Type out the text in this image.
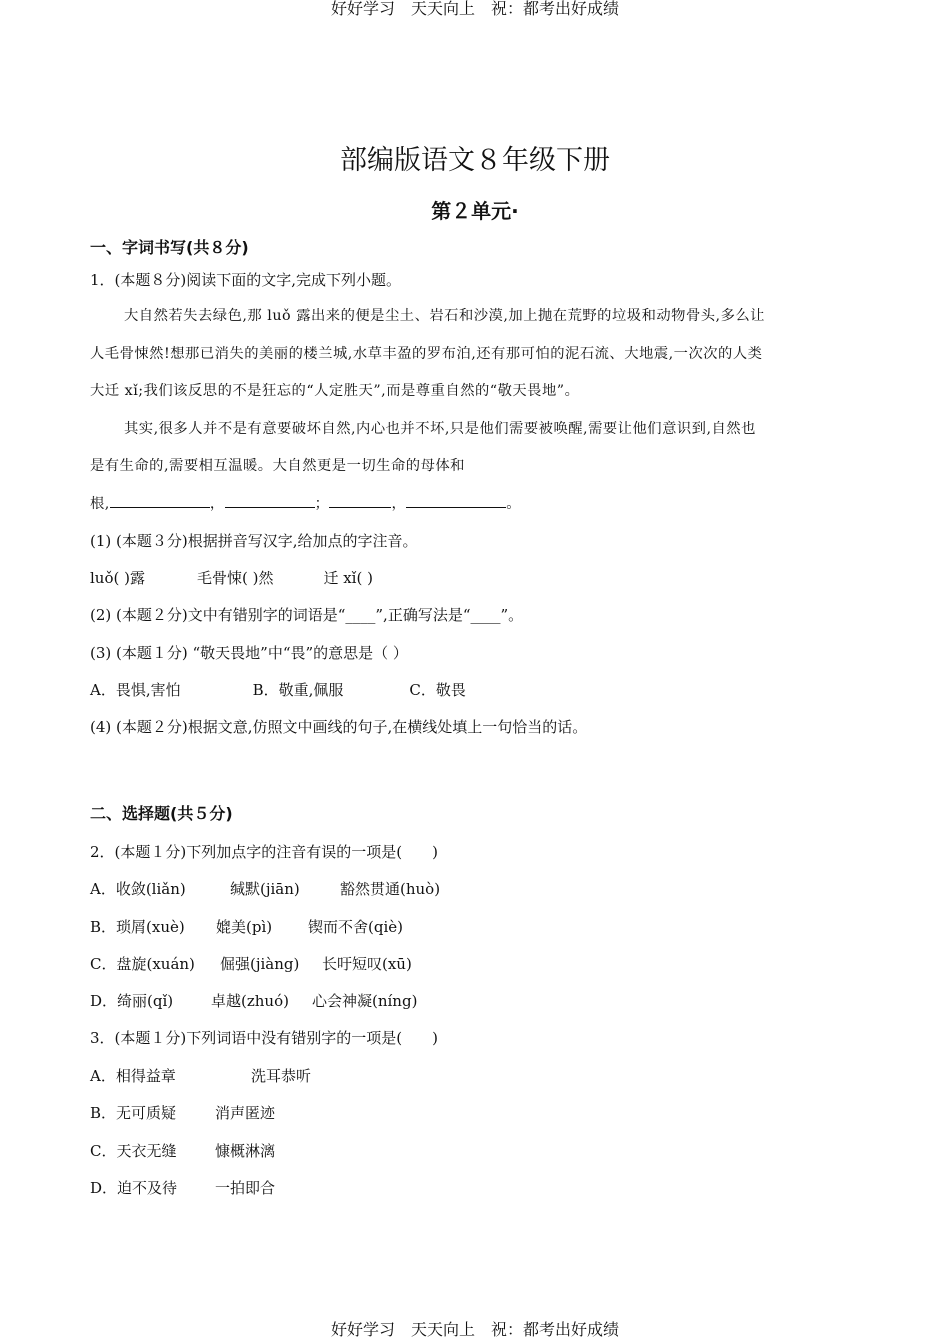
好好学习　天天向上　祝：都考出好成绩
部编版语文８年级下册
第２单元·
一、字词书写(共８分)
1．(本题８分)阅读下面的文字,完成下列小题。
大自然若失去绿色,那 luǒ 露出来的便是尘土、岩石和沙漠,加上抛在荒野的垃圾和动物骨头,多么让
人毛骨悚然!想那已消失的美丽的楼兰城,水草丰盈的罗布泊,还有那可怕的泥石流、大地震,一次次的人类
大迁 xǐ;我们该反思的不是狂忘的“人定胜天”,而是尊重自然的“敬天畏地”。
其实,很多人并不是有意要破坏自然,内心也并不坏,只是他们需要被唤醒,需要让他们意识到,自然也
是有生命的,需要相互温暖。大自然更是一切生命的母体和
根,	，	；	，	。
(1) (本题３分)根据拼音写汉字,给加点的字注音。
luǒ( )露	毛骨悚( )然	迁 xǐ( )
(2) (本题２分)文中有错别字的词语是“____”,正确写法是“____”。
(3) (本题１分) “敬天畏地”中“畏”的意思是（ ）
A．畏惧,害怕	B．敬重,佩服	C．敬畏
(4) (本题２分)根据文意,仿照文中画线的句子,在横线处填上一句恰当的话。
二、选择题(共５分)
2．(本题１分)下列加点字的注音有误的一项是(　　)
A．收敛(liǎn)	缄默(jiān)	豁然贯通(huò)
B．琐屑(xuè) 媲美(pì) 锲而不舍(qiè)
C．盘旋(xuán) 倔强(jiàng) 长吁短叹(xū)
D．绮丽(qǐ)	卓越(zhuó) 心会神凝(níng)
3．(本题１分)下列词语中没有错别字的一项是(　　)
A．相得益章	洗耳恭听
B．无可质疑	消声匿迹
C．天衣无缝	慷概淋漓
D．迫不及待	一拍即合
好好学习　天天向上　祝：都考出好成绩
